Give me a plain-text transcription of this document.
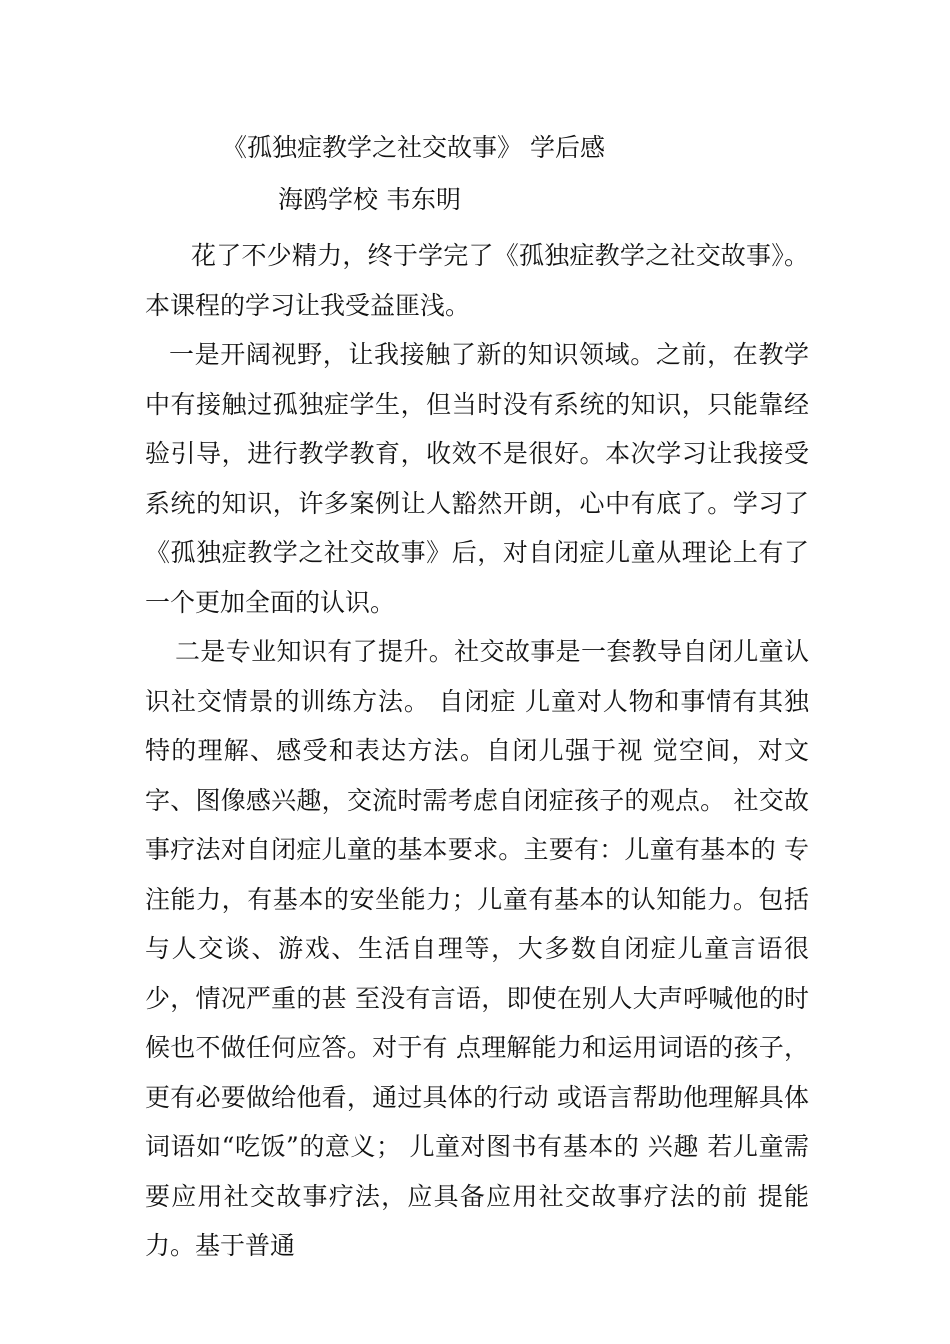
《孤独症教学之社交故事》 学后感
海鸥学校 韦东明

花了不少精力，终于学完了《孤独症教学之社交故事》。本课程的学习让我受益匪浅。

一是开阔视野，让我接触了新的知识领域。之前，在教学中有接触过孤独症学生，但当时没有系统的知识，只能靠经验引导，进行教学教育，收效不是很好。本次学习让我接受系统的知识，许多案例让人豁然开朗，心中有底了。学习了《孤独症教学之社交故事》后，对自闭症儿童从理论上有了一个更加全面的认识。

二是专业知识有了提升。社交故事是一套教导自闭儿童认识社交情景的训练方法。 自闭症 儿童对人物和事情有其独特的理解、感受和表达方法。自闭儿强于视 觉空间，对文字、图像感兴趣，交流时需考虑自闭症孩子的观点。 社交故事疗法对自闭症儿童的基本要求。主要有：儿童有基本的 专注能力，有基本的安坐能力；儿童有基本的认知能力。包括与人交谈、游戏、生活自理等，大多数自闭症儿童言语很少，情况严重的甚 至没有言语，即使在别人大声呼喊他的时候也不做任何应答。对于有 点理解能力和运用词语的孩子，更有必要做给他看，通过具体的行动 或语言帮助他理解具体词语如“吃饭”的意义； 儿童对图书有基本的 兴趣 若儿童需要应用社交故事疗法，应具备应用社交故事疗法的前 提能力。基于普通
